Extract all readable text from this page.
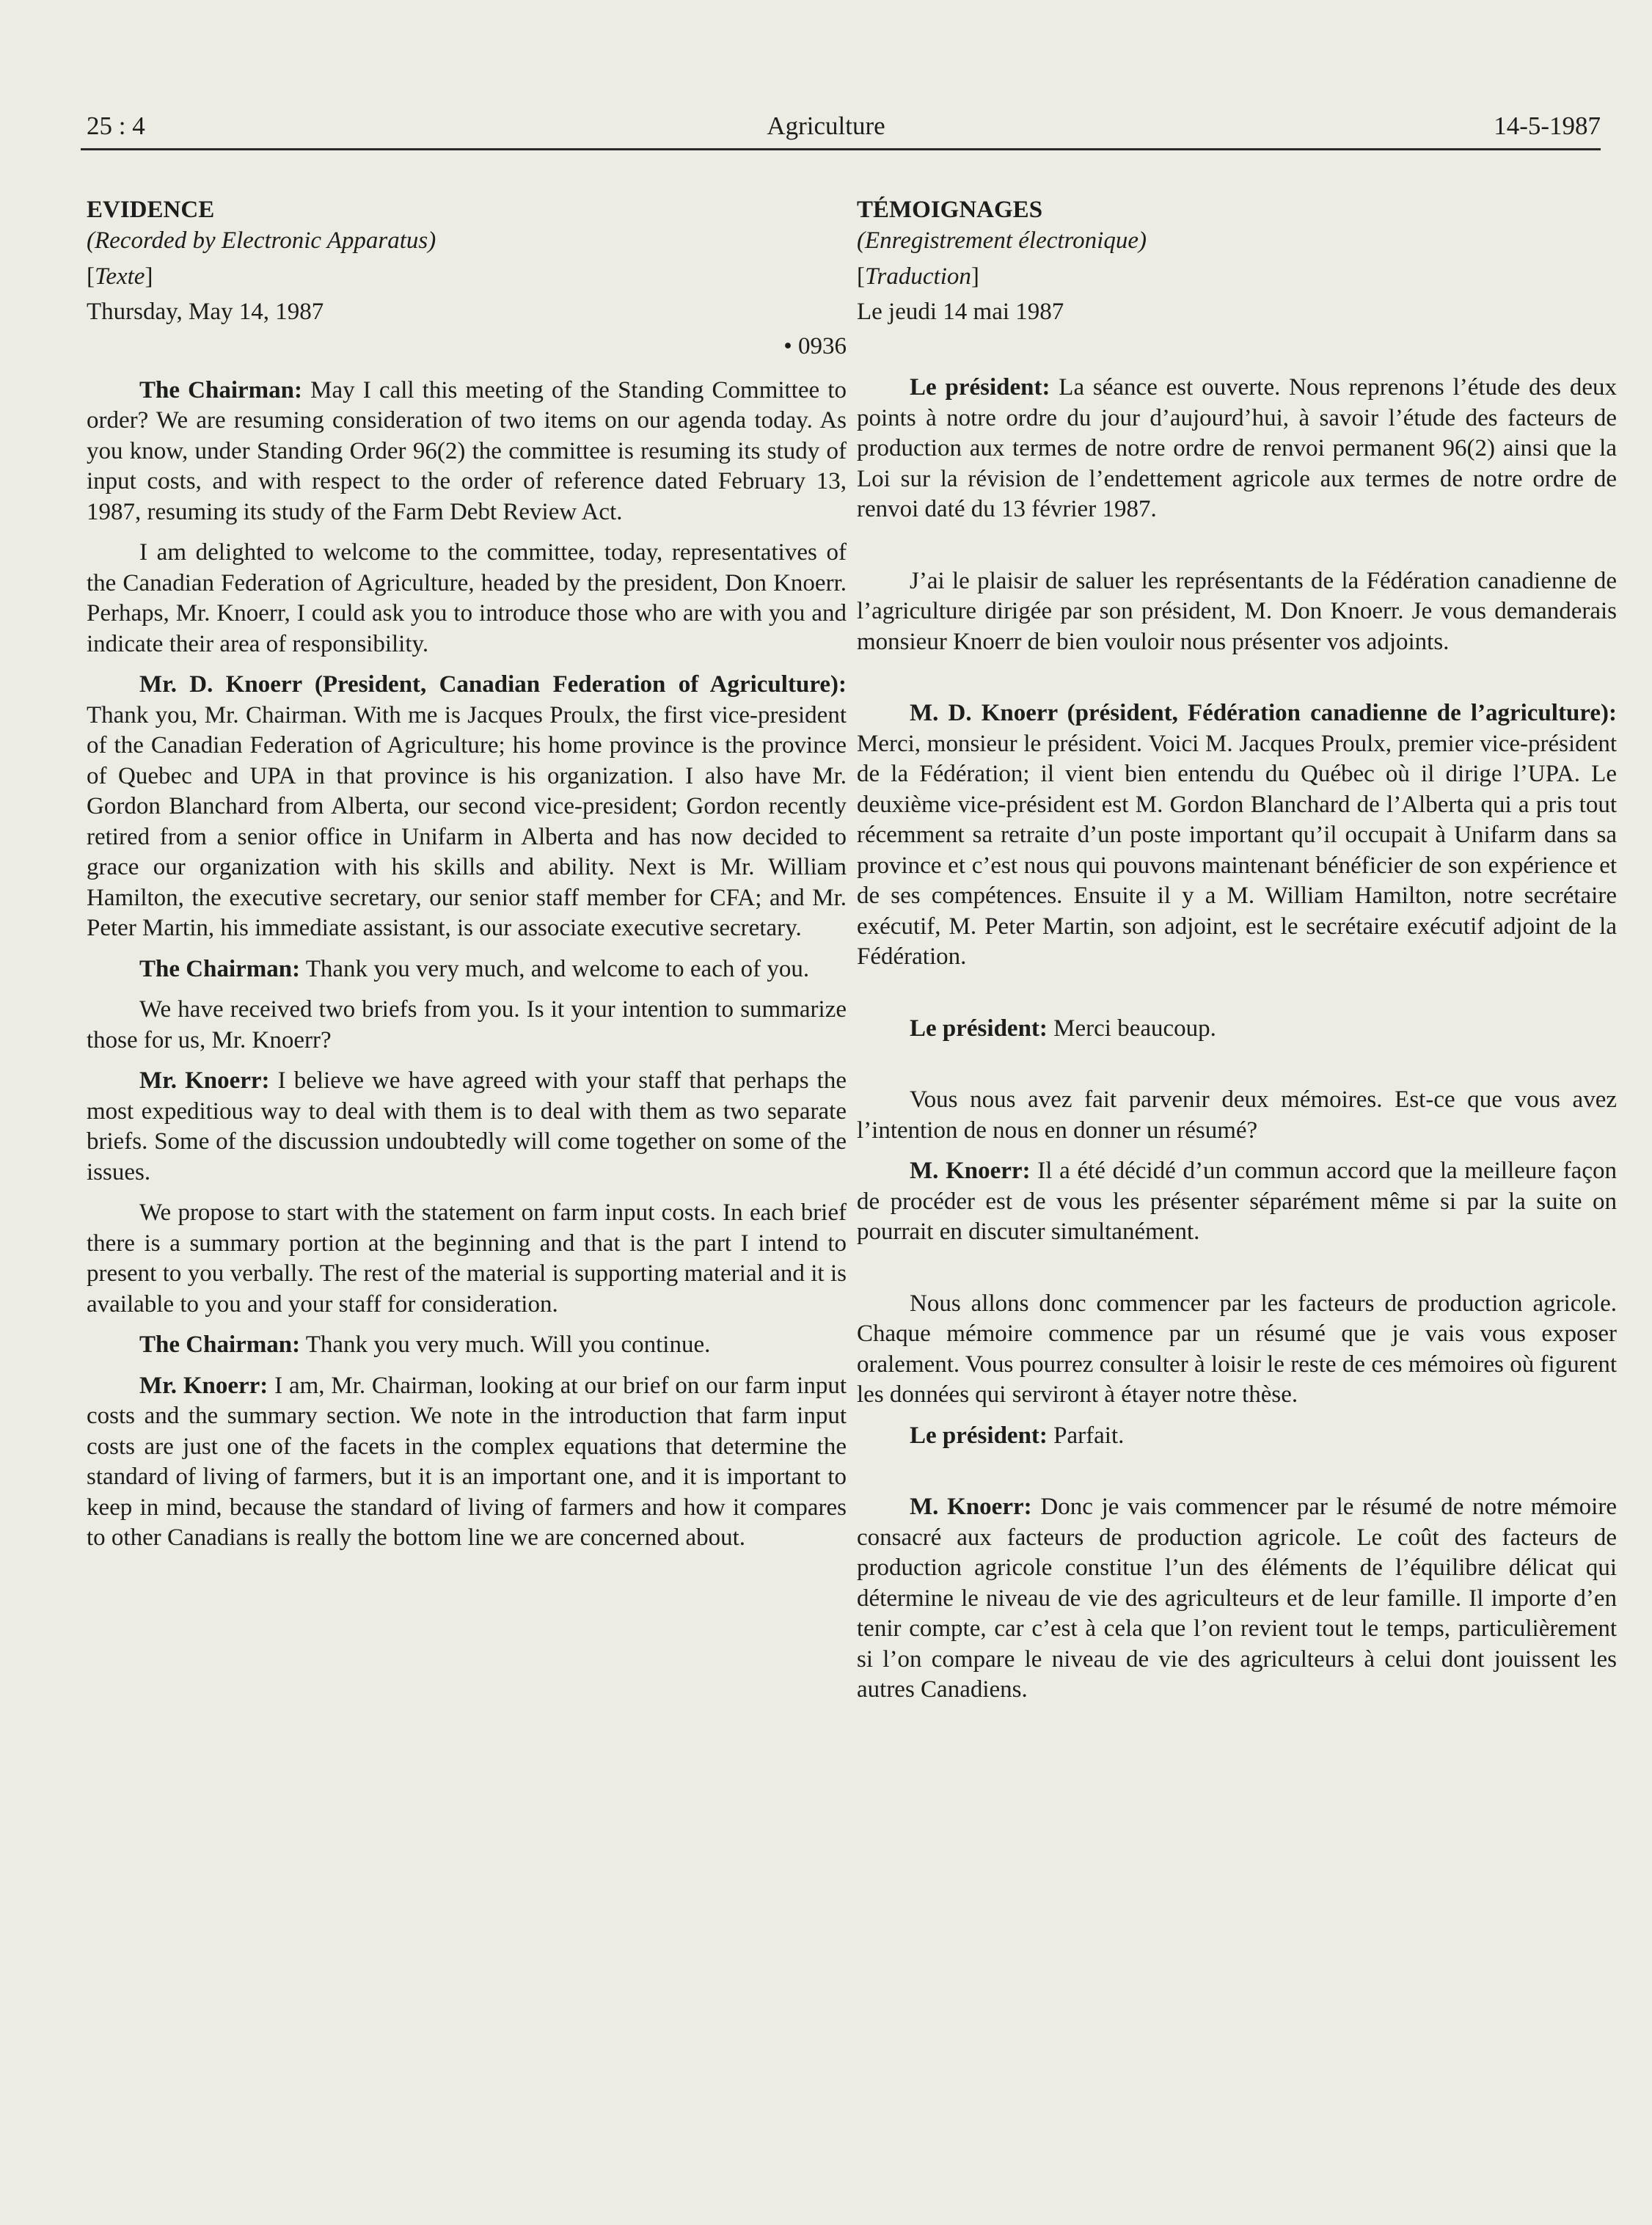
25 : 4	Agriculture	14-5-1987

EVIDENCE

(Recorded by Electronic Apparatus)

[ Texte ]

Thursday, May 14, 1987

• 0936

The Chairman: May I call this meeting of the Standing Committee to order? We are resuming consideration of two items on our agenda today. As you know, under Standing Order 96(2) the committee is resuming its study of input costs, and with respect to the order of reference dated February 13, 1987, resuming its study of the Farm Debt Review Act.

I am delighted to welcome to the committee, today, representatives of the Canadian Federation of Agriculture, headed by the president, Don Knoerr. Perhaps, Mr. Knoerr, I could ask you to introduce those who are with you and indicate their area of responsibility.

Mr. D. Knoerr (President, Canadian Federation of Agriculture): Thank you, Mr. Chairman. With me is Jacques Proulx, the first vice-president of the Canadian Federation of Agriculture; his home province is the province of Quebec and UPA in that province is his organization. I also have Mr. Gordon Blanchard from Alberta, our second vice-president; Gordon recently retired from a senior office in Unifarm in Alberta and has now decided to grace our organization with his skills and ability. Next is Mr. William Hamilton, the executive secretary, our senior staff member for CFA; and Mr. Peter Martin, his immediate assistant, is our associate executive secretary.

The Chairman: Thank you very much, and welcome to each of you.

We have received two briefs from you. Is it your intention to summarize those for us, Mr. Knoerr?

Mr. Knoerr: I believe we have agreed with your staff that perhaps the most expeditious way to deal with them is to deal with them as two separate briefs. Some of the discussion undoubtedly will come together on some of the issues.

We propose to start with the statement on farm input costs. In each brief there is a summary portion at the beginning and that is the part I intend to present to you verbally. The rest of the material is supporting material and it is available to you and your staff for consideration.

The Chairman: Thank you very much. Will you continue.

Mr. Knoerr: I am, Mr. Chairman, looking at our brief on our farm input costs and the summary section. We note in the introduction that farm input costs are just one of the facets in the complex equations that determine the standard of living of farmers, but it is an important one, and it is important to keep in mind, because the standard of living of farmers and how it compares to other Canadians is really the bottom line we are concerned about.

TÉMOIGNAGES

(Enregistrement électronique)

[ Traduction ]

Le jeudi 14 mai 1987

Le président: La séance est ouverte. Nous reprenons l’étude des deux points à notre ordre du jour d’aujourd’hui, à savoir l’étude des facteurs de production aux termes de notre ordre de renvoi permanent 96(2) ainsi que la Loi sur la révision de l’endettement agricole aux termes de notre ordre de renvoi daté du 13 février 1987.

J’ai le plaisir de saluer les représentants de la Fédération canadienne de l’agriculture dirigée par son président, M. Don Knoerr. Je vous demanderais monsieur Knoerr de bien vouloir nous présenter vos adjoints.

M. D. Knoerr (président, Fédération canadienne de l’agriculture): Merci, monsieur le président. Voici M. Jacques Proulx, premier vice-président de la Fédération; il vient bien entendu du Québec où il dirige l’UPA. Le deuxième vice-président est M. Gordon Blanchard de l’Alberta qui a pris tout récemment sa retraite d’un poste important qu’il occupait à Unifarm dans sa province et c’est nous qui pouvons maintenant bénéficier de son expérience et de ses compétences. Ensuite il y a M. William Hamilton, notre secrétaire exécutif, M. Peter Martin, son adjoint, est le secrétaire exécutif adjoint de la Fédération.

Le président: Merci beaucoup.

Vous nous avez fait parvenir deux mémoires. Est-ce que vous avez l’intention de nous en donner un résumé?

M. Knoerr: Il a été décidé d’un commun accord que la meilleure façon de procéder est de vous les présenter séparément même si par la suite on pourrait en discuter simultanément.

Nous allons donc commencer par les facteurs de production agricole. Chaque mémoire commence par un résumé que je vais vous exposer oralement. Vous pourrez consulter à loisir le reste de ces mémoires où figurent les données qui serviront à étayer notre thèse.

Le président: Parfait.

M. Knoerr: Donc je vais commencer par le résumé de notre mémoire consacré aux facteurs de production agricole. Le coût des facteurs de production agricole constitue l’un des éléments de l’équilibre délicat qui détermine le niveau de vie des agriculteurs et de leur famille. Il importe d’en tenir compte, car c’est à cela que l’on revient tout le temps, particulièrement si l’on compare le niveau de vie des agriculteurs à celui dont jouissent les autres Canadiens.
